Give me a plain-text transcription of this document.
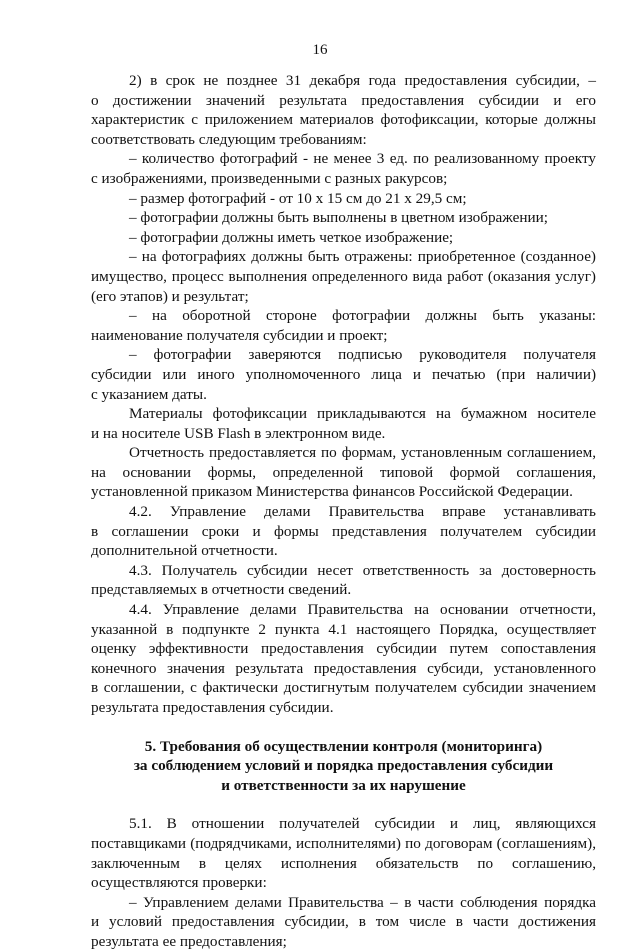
16
2) в срок не позднее 31 декабря года предоставления субсидии, –
о достижении значений результата предоставления субсидии и его
характеристик с приложением материалов фотофиксации, которые должны
соответствовать следующим требованиям:
– количество фотографий - не менее 3 ед. по реализованному проекту
с изображениями, произведенными с разных ракурсов;
– размер фотографий - от 10 х 15 см до 21 х 29,5 см;
– фотографии должны быть выполнены в цветном изображении;
– фотографии должны иметь четкое изображение;
– на фотографиях должны быть отражены: приобретенное (созданное)
имущество, процесс выполнения определенного вида работ (оказания услуг)
(его этапов) и результат;
– на оборотной стороне фотографии должны быть указаны:
наименование получателя субсидии и проект;
– фотографии заверяются подписью руководителя получателя
субсидии или иного уполномоченного лица и печатью (при наличии)
с указанием даты.
Материалы фотофиксации прикладываются на бумажном носителе
и на носителе USB Flash в электронном виде.
Отчетность предоставляется по формам, установленным соглашением,
на основании формы, определенной типовой формой соглашения,
установленной приказом Министерства финансов Российской Федерации.
4.2. Управление делами Правительства вправе устанавливать
в соглашении сроки и формы представления получателем субсидии
дополнительной отчетности.
4.3. Получатель субсидии несет ответственность за достоверность
представляемых в отчетности сведений.
4.4. Управление делами Правительства на основании отчетности,
указанной в подпункте 2 пункта 4.1 настоящего Порядка, осуществляет
оценку эффективности предоставления субсидии путем сопоставления
конечного значения результата предоставления субсиди, установленного
в соглашении, с фактически достигнутым получателем субсидии значением
результата предоставления субсидии.
5. Требования об осуществлении контроля (мониторинга)
за соблюдением условий и порядка предоставления субсидии
и ответственности за их нарушение
5.1. В отношении получателей субсидии и лиц, являющихся
поставщиками (подрядчиками, исполнителями) по договорам (соглашениям),
заключенным в целях исполнения обязательств по соглашению,
осуществляются проверки:
– Управлением делами Правительства – в части соблюдения порядка
и условий предоставления субсидии, в том числе в части достижения
результата ее предоставления;
